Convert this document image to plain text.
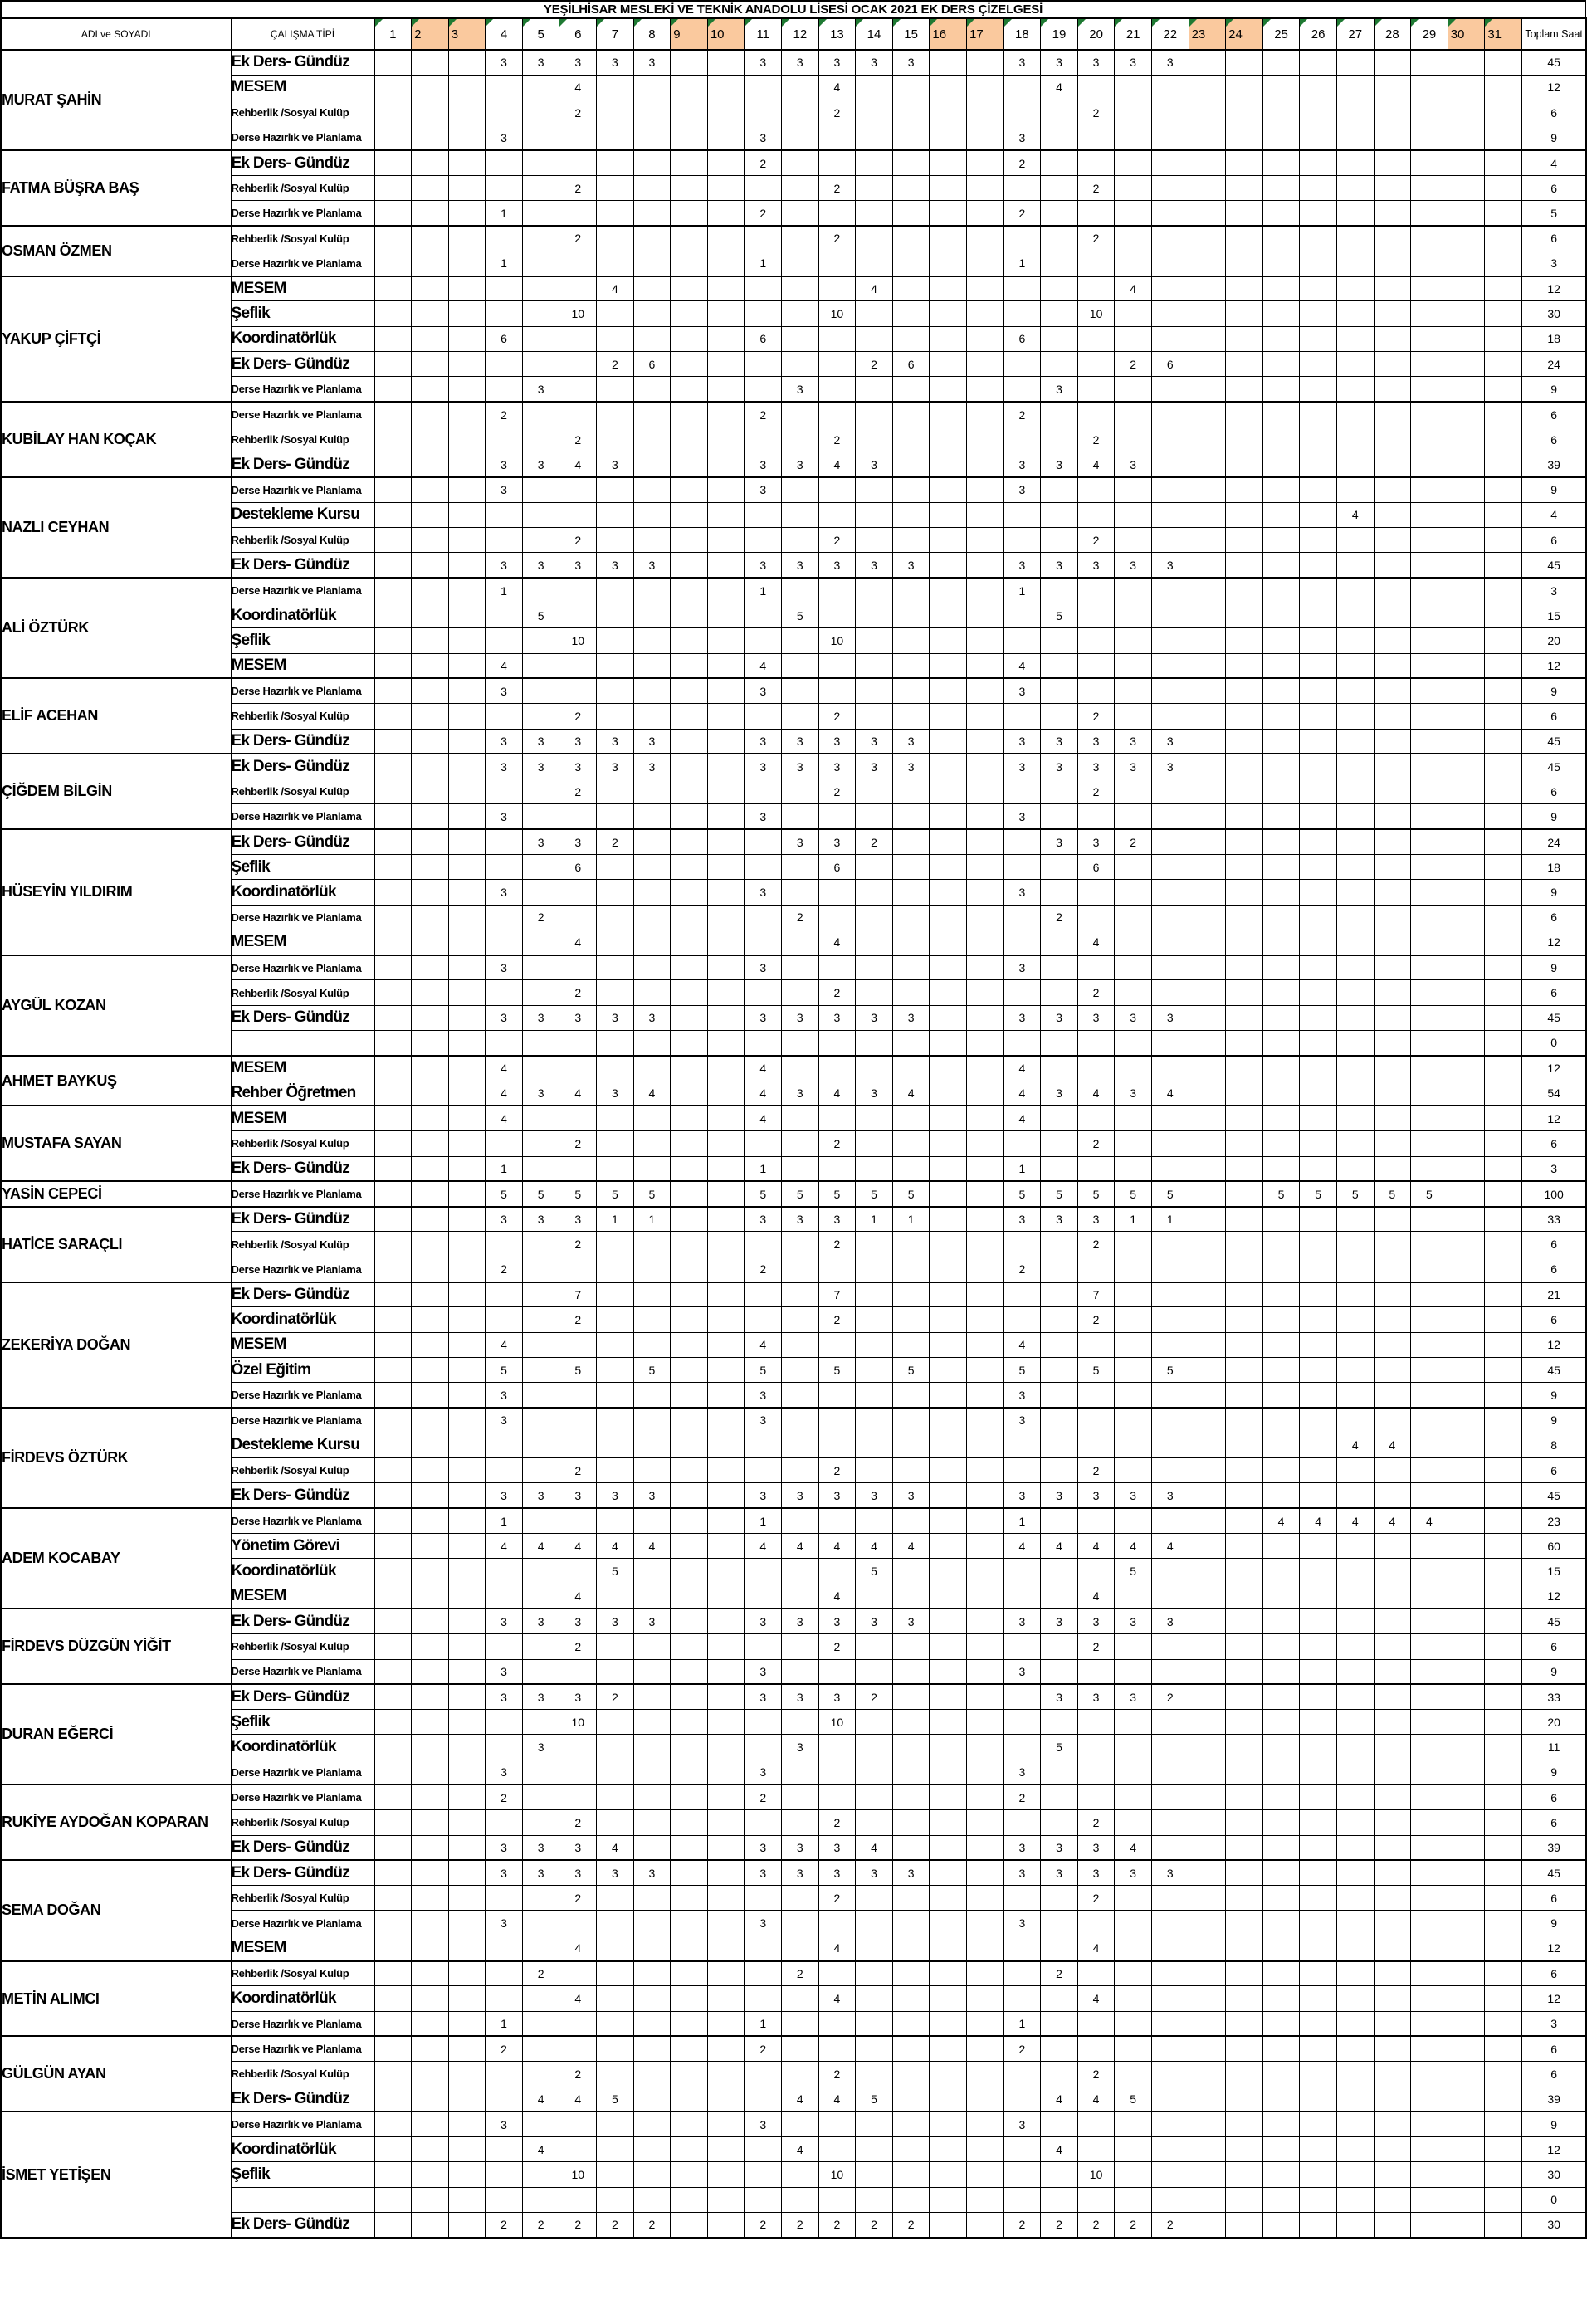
YEŞİLHİSAR MESLEKİ VE TEKNİK ANADOLU LİSESİ OCAK 2021 EK DERS ÇİZELGESİ
ADI ve SOYADI	ÇALIŞMA TİPİ	1	2	3	4	5	6	7	8	9	10	11	12	13	14	15	16	17	18	19	20	21	22	23	24	25	26	27	28	29	30	31	Toplam Saat
MURAT ŞAHİN	Ek Ders- Gündüz				3	3	3	3	3			3	3	3	3	3			3	3	3	3	3										45
	MESEM						4							4						4													12
	Rehberlik /Sosyal Kulüp						2							2							2												6
	Derse Hazırlık ve Planlama				3							3							3														9
FATMA BÜŞRA BAŞ	Ek Ders- Gündüz											2							2														4
	Rehberlik /Sosyal Kulüp						2							2							2												6
	Derse Hazırlık ve Planlama				1							2							2														5
OSMAN ÖZMEN	Rehberlik /Sosyal Kulüp						2							2							2												6
	Derse Hazırlık ve Planlama				1							1							1														3
YAKUP ÇİFTÇİ	MESEM							4							4							4											12
	Şeflik						10							10							10												30
	Koordinatörlük				6							6							6														18
	Ek Ders- Gündüz							2	6						2	6						2	6										24
	Derse Hazırlık ve Planlama					3							3							3													9
KUBİLAY HAN KOÇAK	Derse Hazırlık ve Planlama				2							2							2														6
	Rehberlik /Sosyal Kulüp						2							2							2												6
	Ek Ders- Gündüz				3	3	4	3				3	3	4	3				3	3	4	3											39
NAZLI CEYHAN	Derse Hazırlık ve Planlama				3							3							3														9
	Destekleme Kursu																											4					4
	Rehberlik /Sosyal Kulüp						2							2							2												6
	Ek Ders- Gündüz				3	3	3	3	3			3	3	3	3	3			3	3	3	3	3										45
ALİ ÖZTÜRK	Derse Hazırlık ve Planlama				1							1							1														3
	Koordinatörlük					5							5							5													15
	Şeflik						10							10																			20
	MESEM				4							4							4														12
ELİF ACEHAN	Derse Hazırlık ve Planlama				3							3							3														9
	Rehberlik /Sosyal Kulüp						2							2							2												6
	Ek Ders- Gündüz				3	3	3	3	3			3	3	3	3	3			3	3	3	3	3										45
ÇİĞDEM BİLGİN	Ek Ders- Gündüz				3	3	3	3	3			3	3	3	3	3			3	3	3	3	3										45
	Rehberlik /Sosyal Kulüp						2							2							2												6
	Derse Hazırlık ve Planlama				3							3							3														9
HÜSEYİN YILDIRIM	Ek Ders- Gündüz					3	3	2					3	3	2					3	3	2											24
	Şeflik						6							6							6												18
	Koordinatörlük				3							3							3														9
	Derse Hazırlık ve Planlama					2							2							2													6
	MESEM						4							4							4												12
AYGÜL KOZAN	Derse Hazırlık ve Planlama				3							3							3														9
	Rehberlik /Sosyal Kulüp						2							2							2												6
	Ek Ders- Gündüz				3	3	3	3	3			3	3	3	3	3			3	3	3	3	3										45
																																	0
AHMET BAYKUŞ	MESEM				4							4							4														12
	Rehber Öğretmen				4	3	4	3	4			4	3	4	3	4			4	3	4	3	4										54
MUSTAFA SAYAN	MESEM				4							4							4														12
	Rehberlik /Sosyal Kulüp						2							2							2												6
	Ek Ders- Gündüz				1							1							1														3
YASİN CEPECİ	Derse Hazırlık ve Planlama				5	5	5	5	5			5	5	5	5	5			5	5	5	5	5			5	5	5	5	5			100
HATİCE SARAÇLI	Ek Ders- Gündüz				3	3	3	1	1			3	3	3	1	1			3	3	3	1	1										33
	Rehberlik /Sosyal Kulüp						2							2							2												6
	Derse Hazırlık ve Planlama				2							2							2														6
ZEKERİYA DOĞAN	Ek Ders- Gündüz						7							7							7												21
	Koordinatörlük						2							2							2												6
	MESEM				4							4							4														12
	Özel Eğitim				5		5		5			5		5		5			5		5		5										45
	Derse Hazırlık ve Planlama				3							3							3														9
FİRDEVS ÖZTÜRK	Derse Hazırlık ve Planlama				3							3							3														9
	Destekleme Kursu																											4	4				8
	Rehberlik /Sosyal Kulüp						2							2							2												6
	Ek Ders- Gündüz				3	3	3	3	3			3	3	3	3	3			3	3	3	3	3										45
ADEM KOCABAY	Derse Hazırlık ve Planlama				1							1							1							4	4	4	4	4			23
	Yönetim Görevi				4	4	4	4	4			4	4	4	4	4			4	4	4	4	4										60
	Koordinatörlük							5							5							5											15
	MESEM						4							4							4												12
FİRDEVS DÜZGÜN YİĞİT	Ek Ders- Gündüz				3	3	3	3	3			3	3	3	3	3			3	3	3	3	3										45
	Rehberlik /Sosyal Kulüp						2							2							2												6
	Derse Hazırlık ve Planlama				3							3							3														9
DURAN EĞERCİ	Ek Ders- Gündüz				3	3	3	2				3	3	3	2					3	3	3	2										33
	Şeflik						10							10																			20
	Koordinatörlük					3							3							5													11
	Derse Hazırlık ve Planlama				3							3							3														9
RUKİYE AYDOĞAN KOPARAN	Derse Hazırlık ve Planlama				2							2							2														6
	Rehberlik /Sosyal Kulüp						2							2							2												6
	Ek Ders- Gündüz				3	3	3	4				3	3	3	4				3	3	3	4											39
SEMA DOĞAN	Ek Ders- Gündüz				3	3	3	3	3			3	3	3	3	3			3	3	3	3	3										45
	Rehberlik /Sosyal Kulüp						2							2							2												6
	Derse Hazırlık ve Planlama				3							3							3														9
	MESEM						4							4							4												12
METİN ALIMCI	Rehberlik /Sosyal Kulüp					2							2							2													6
	Koordinatörlük						4							4							4												12
	Derse Hazırlık ve Planlama				1							1							1														3
GÜLGÜN AYAN	Derse Hazırlık ve Planlama				2							2							2														6
	Rehberlik /Sosyal Kulüp						2							2							2												6
	Ek Ders- Gündüz					4	4	5					4	4	5					4	4	5											39
İSMET YETİŞEN	Derse Hazırlık ve Planlama				3							3							3														9
	Koordinatörlük					4							4							4													12
	Şeflik						10							10							10												30
																																	0
	Ek Ders- Gündüz				2	2	2	2	2			2	2	2	2	2			2	2	2	2	2										30
